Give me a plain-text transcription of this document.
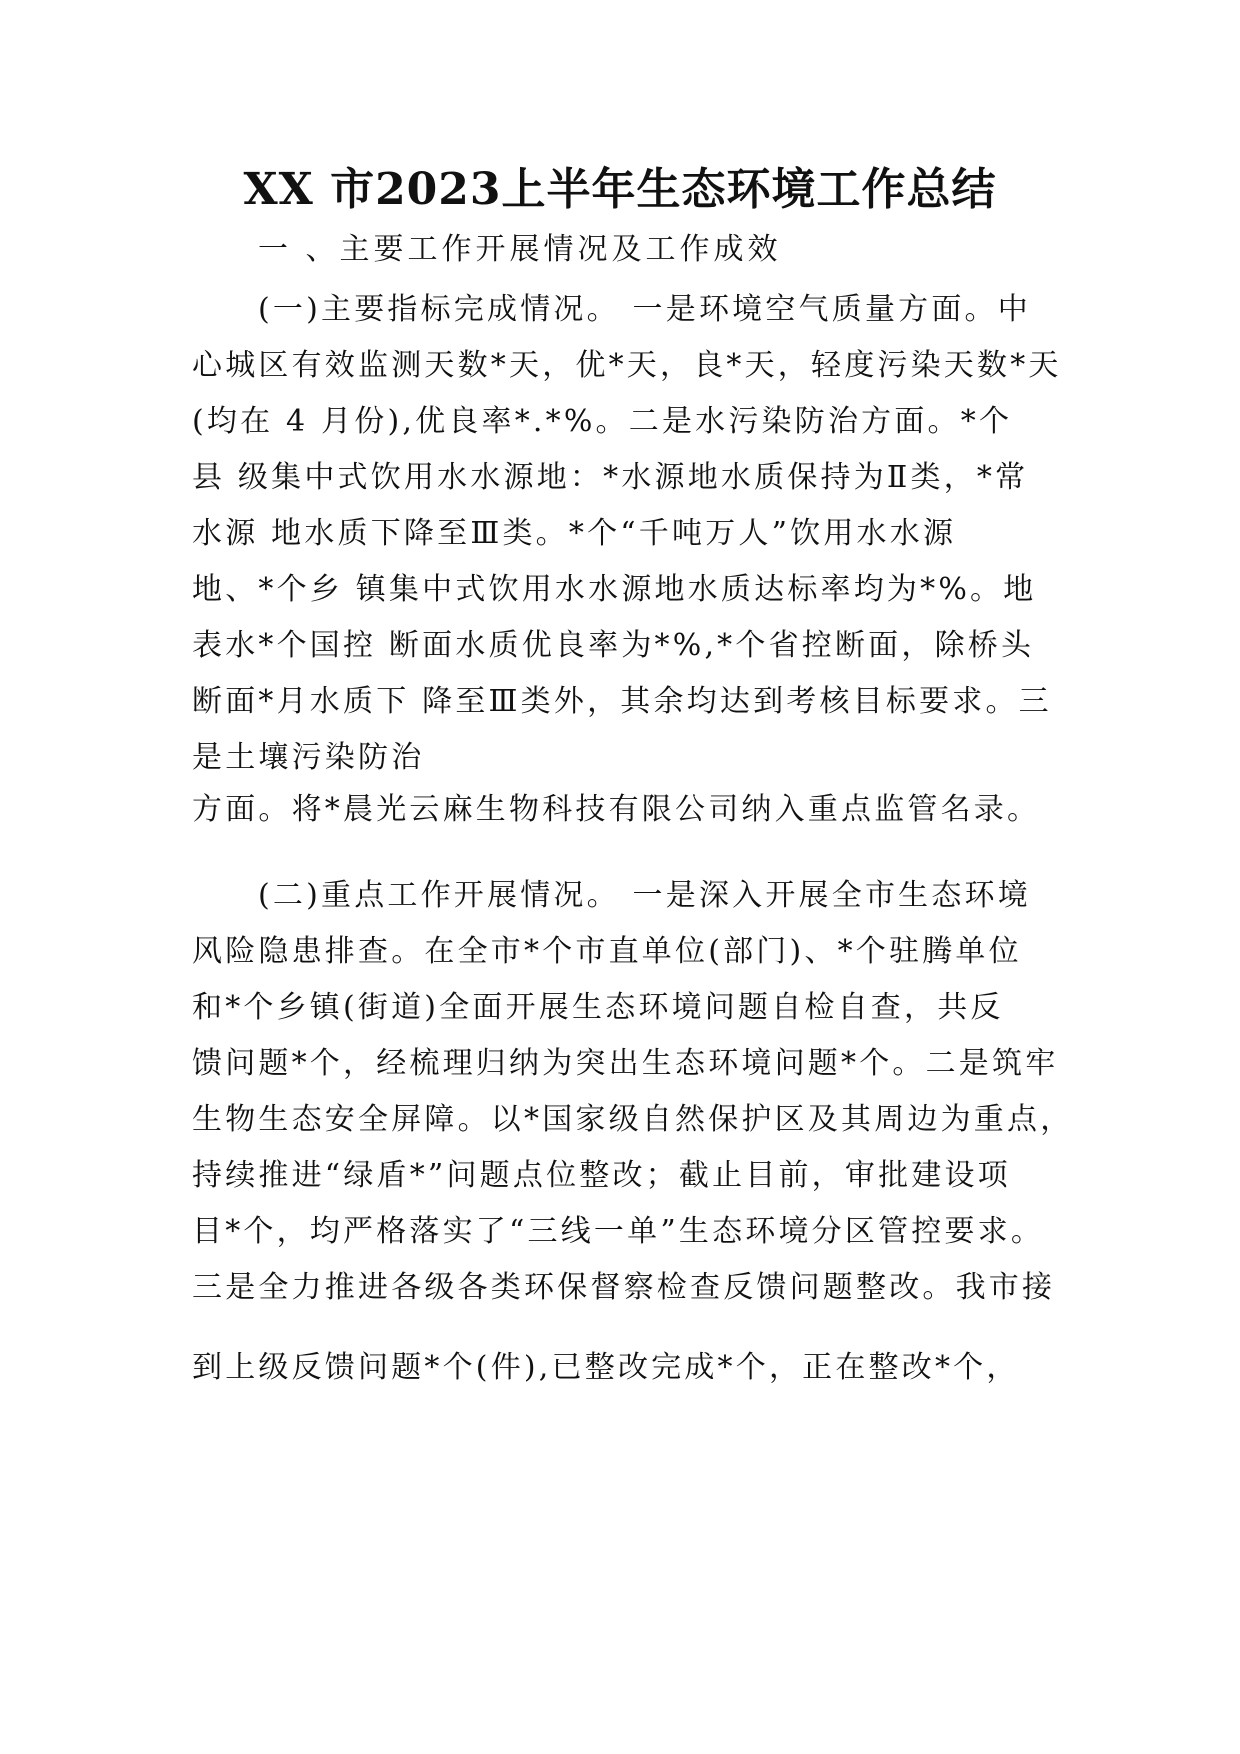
XX 市2023上半年生态环境工作总结
一 、主要工作开展情况及工作成效
(一)主要指标完成情况。 一是环境空气质量方面。中
心城区有效监测天数*天，优*天，良*天，轻度污染天数*天
(均在 4 月份),优良率*.*%。二是水污染防治方面。*个
县 级集中式饮用水水源地：*水源地水质保持为Ⅱ类，*常
水源 地水质下降至Ⅲ类。*个“千吨万人”饮用水水源
地、*个乡 镇集中式饮用水水源地水质达标率均为*%。地
表水*个国控 断面水质优良率为*%,*个省控断面，除桥头
断面*月水质下 降至Ⅲ类外，其余均达到考核目标要求。三
是土壤污染防治
方面。将*晨光云麻生物科技有限公司纳入重点监管名录。
(二)重点工作开展情况。 一是深入开展全市生态环境
风险隐患排查。在全市*个市直单位(部门)、*个驻腾单位
和*个乡镇(街道)全面开展生态环境问题自检自查，共反
馈问题*个，经梳理归纳为突出生态环境问题*个。二是筑牢
生物生态安全屏障。以*国家级自然保护区及其周边为重点，
持续推进“绿盾*”问题点位整改；截止目前，审批建设项
目*个，均严格落实了“三线一单”生态环境分区管控要求。
三是全力推进各级各类环保督察检查反馈问题整改。我市接
到上级反馈问题*个(件),已整改完成*个，正在整改*个，
